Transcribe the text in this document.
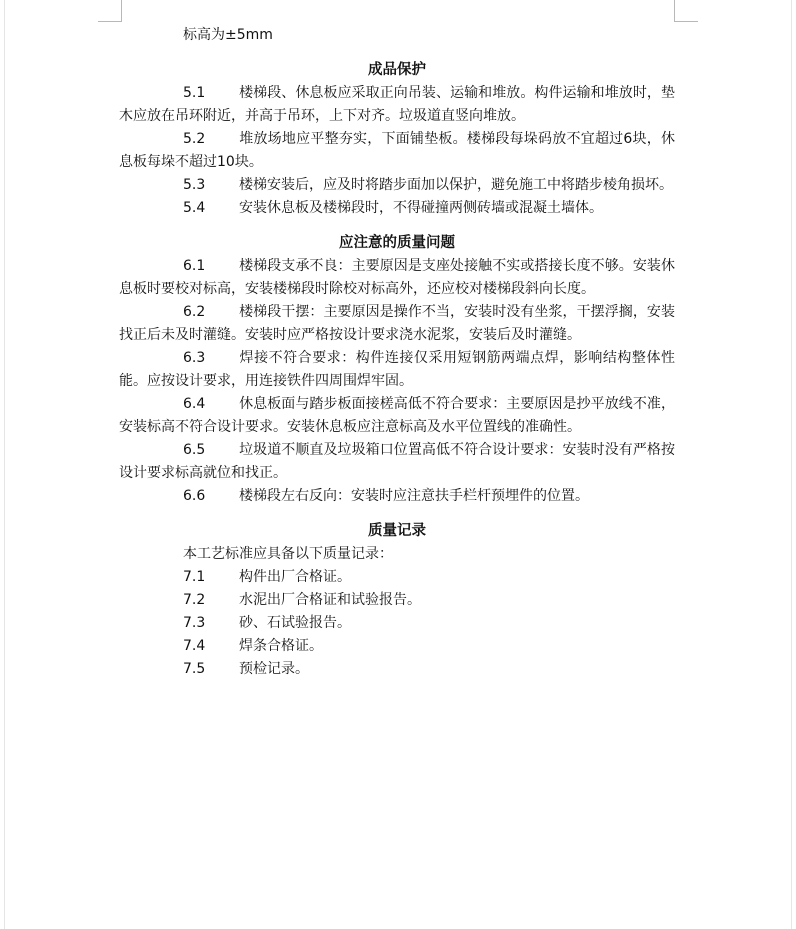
标高为±5mm
成品保护
5.1 楼梯段、休息板应采取正向吊装、运输和堆放。构件运输和堆放时，垫木应放在吊环附近，并高于吊环，上下对齐。垃圾道直竖向堆放。
5.2 堆放场地应平整夯实，下面铺垫板。楼梯段每垛码放不宜超过6块，休息板每垛不超过10块。
5.3 楼梯安装后，应及时将踏步面加以保护，避免施工中将踏步棱角损坏。
5.4 安装休息板及楼梯段时，不得碰撞两侧砖墙或混凝土墙体。
应注意的质量问题
6.1 楼梯段支承不良：主要原因是支座处接触不实或搭接长度不够。安装休息板时要校对标高，安装楼梯段时除校对标高外，还应校对楼梯段斜向长度。
6.2 楼梯段干摆：主要原因是操作不当，安装时没有坐浆，干摆浮搁，安装找正后未及时灌缝。安装时应严格按设计要求浇水泥浆，安装后及时灌缝。
6.3 焊接不符合要求：构件连接仅采用短钢筋两端点焊，影响结构整体性能。应按设计要求，用连接铁件四周围焊牢固。
6.4 休息板面与踏步板面接槎高低不符合要求：主要原因是抄平放线不准，安装标高不符合设计要求。安装休息板应注意标高及水平位置线的准确性。
6.5 垃圾道不顺直及垃圾箱口位置高低不符合设计要求：安装时没有严格按设计要求标高就位和找正。
6.6 楼梯段左右反向：安装时应注意扶手栏杆预埋件的位置。
质量记录
本工艺标准应具备以下质量记录：
7.1 构件出厂合格证。
7.2 水泥出厂合格证和试验报告。
7.3 砂、石试验报告。
7.4 焊条合格证。
7.5 预检记录。
